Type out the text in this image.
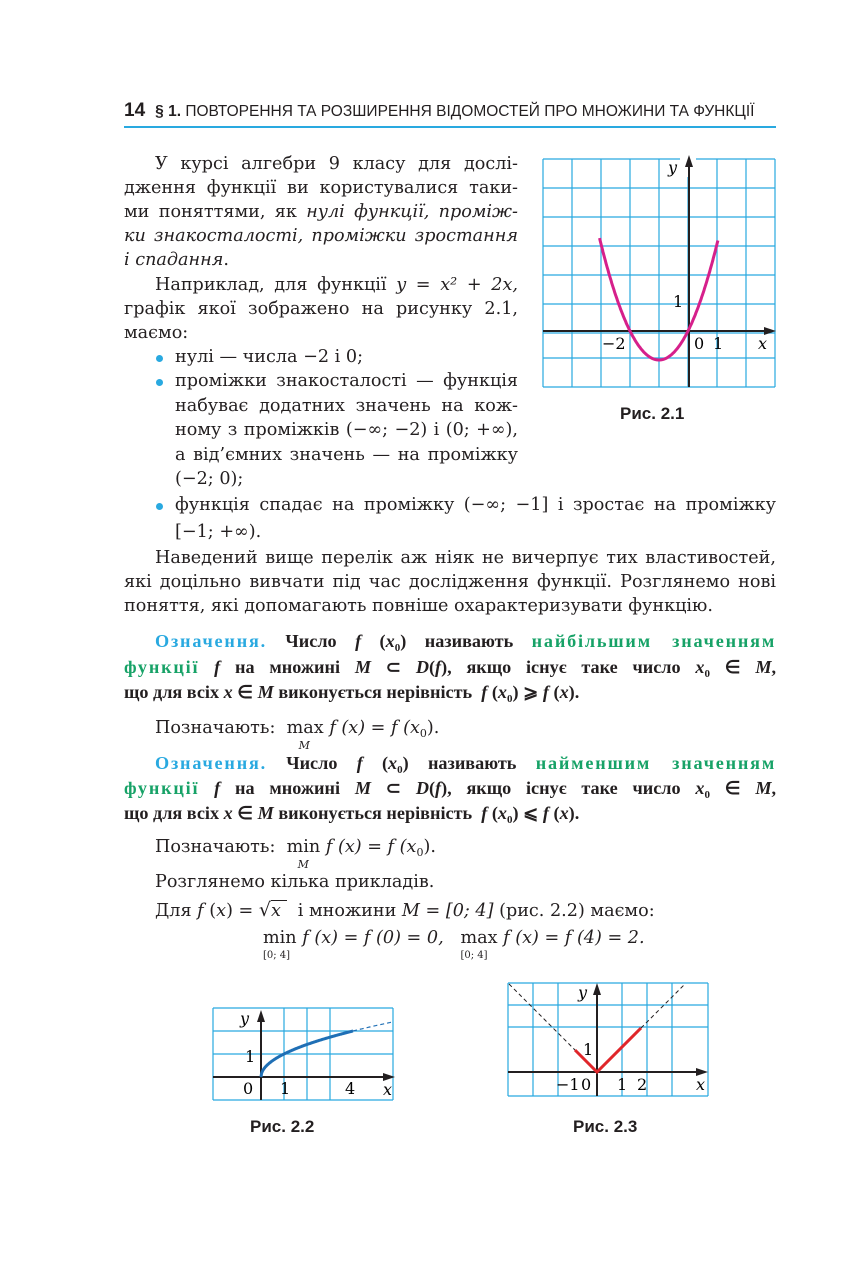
14 § 1. ПОВТОРЕННЯ ТА РОЗШИРЕННЯ ВІДОМОСТЕЙ ПРО МНОЖИНИ ТА ФУНКЦІЇ
У курсі алгебри 9 класу для дослі-
дження функції ви користувалися таки-
ми поняттями, як нулі функції, проміж-
ки знакосталості, проміжки зростання
і спадання.
Наприклад, для функції y = x² + 2x,
графік якої зображено на рисунку 2.1,
маємо:
нулі — числа −2 і 0;
проміжки знакосталості — функція
набуває додатних значень на кож-
ному з проміжків (−∞; −2) і (0; +∞),
а від’ємних значень — на проміжку
(−2; 0);
функція спадає на проміжку (−∞; −1] і зростає на проміжку
[−1; +∞).
Наведений вище перелік аж ніяк не вичерпує тих властивостей,
які доцільно вивчати під час дослідження функції. Розглянемо нові
поняття, які допомагають повніше охарактеризувати функцію.
Означення. Число f $(x_0)$ називають найбільшим значенням
функції f на множині M ⊂ D(f), якщо існує таке число $x_0$ ∈ M,
що для всіх x ∈ M виконується нерівність f $(x_0)$ ⩾ f (x).
Позначають: max
M
f (x) = f $(x_0)$.
Означення. Число f $(x_0)$ називають найменшим значенням
функції f на множині M ⊂ D(f), якщо існує таке число $x_0$ ∈ M,
що для всіх x ∈ M виконується нерівність f $(x_0)$ ⩽ f (x).
Позначають: min
M
f (x) = f $(x_0)$.
Розглянемо кілька прикладів.
Для f (x) = √x і множини M = [0; 4] (рис. 2.2) маємо:
min
[0; 4]
f (x) = f (0) = 0, max
[0; 4]
f (x) = f (4) = 2.
y
x
−2	0 1
1
Рис. 2.1
y
x
0 1	4
1
Рис. 2.2
y
x
−1 0 1 2
1
Рис. 2.3
